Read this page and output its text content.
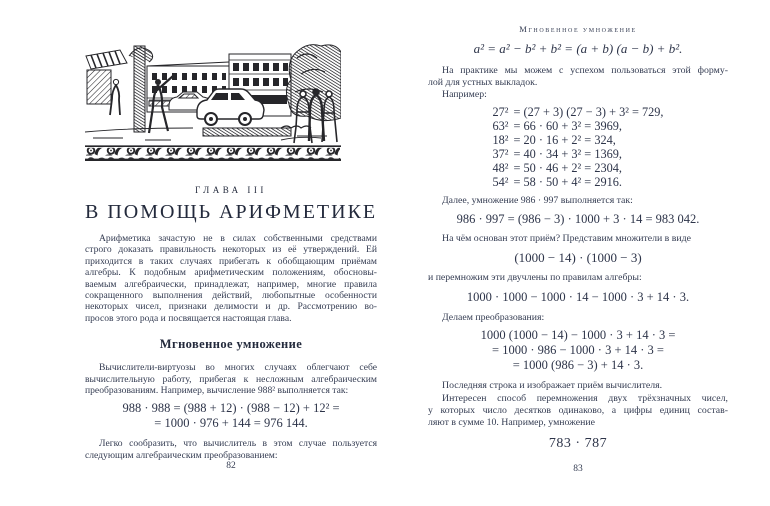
ГЛАВА III
В ПОМОЩЬ АРИФМЕТИКЕ
Арифметика зачастую не в силах собственными средствами
строго доказать правильность некоторых из её утверждений. Ей
приходится в таких случаях прибегать к обобщающим приёмам
алгебры. К подобным арифметическим положениям, обосновы-
ваемым алгебраически, принадлежат, например, многие правила
сокращенного выполнения действий, любопытные особенности
некоторых чисел, признаки делимости и др. Рассмотрению во-
просов этого рода и посвящается настоящая глава.
Мгновенное умножение
Вычислители-виртуозы во многих случаях облегчают себе
вычислительную работу, прибегая к несложным алгебраическим
преобразованиям. Например, вычисление 988² выполняется так:
988 · 988 = (988 + 12) · (988 − 12) + 12² =
= 1000 · 976 + 144 = 976 144.
Легко сообразить, что вычислитель в этом случае пользуется
следующим алгебраическим преобразованием:
Мгновенное умножение
a² = a² − b² + b² = (a + b) (a − b) + b².
На практике мы можем с успехом пользоваться этой форму-
лой для устных выкладок.
Например:
27² = (27 + 3) (27 − 3) + 3² = 729,
63² = 66 · 60 + 3² = 3969,
18² = 20 · 16 + 2² = 324,
37² = 40 · 34 + 3² = 1369,
48² = 50 · 46 + 2² = 2304,
54² = 58 · 50 + 4² = 2916.
Далее, умножение 986 · 997 выполняется так:
986 · 997 = (986 − 3) · 1000 + 3 · 14 = 983 042.
На чём основан этот приём? Представим множители в виде
(1000 − 14) · (1000 − 3)
и перемножим эти двучлены по правилам алгебры:
1000 · 1000 − 1000 · 14 − 1000 · 3 + 14 · 3.
Делаем преобразования:
1000 (1000 − 14) − 1000 · 3 + 14 · 3 =
= 1000 · 986 − 1000 · 3 + 14 · 3 =
= 1000 (986 − 3) + 14 · 3.
Последняя строка и изображает приём вычислителя.
Интересен способ перемножения двух трёхзначных чисел,
у которых число десятков одинаково, а цифры единиц состав-
ляют в сумме 10. Например, умножение
783 · 787
82	83
